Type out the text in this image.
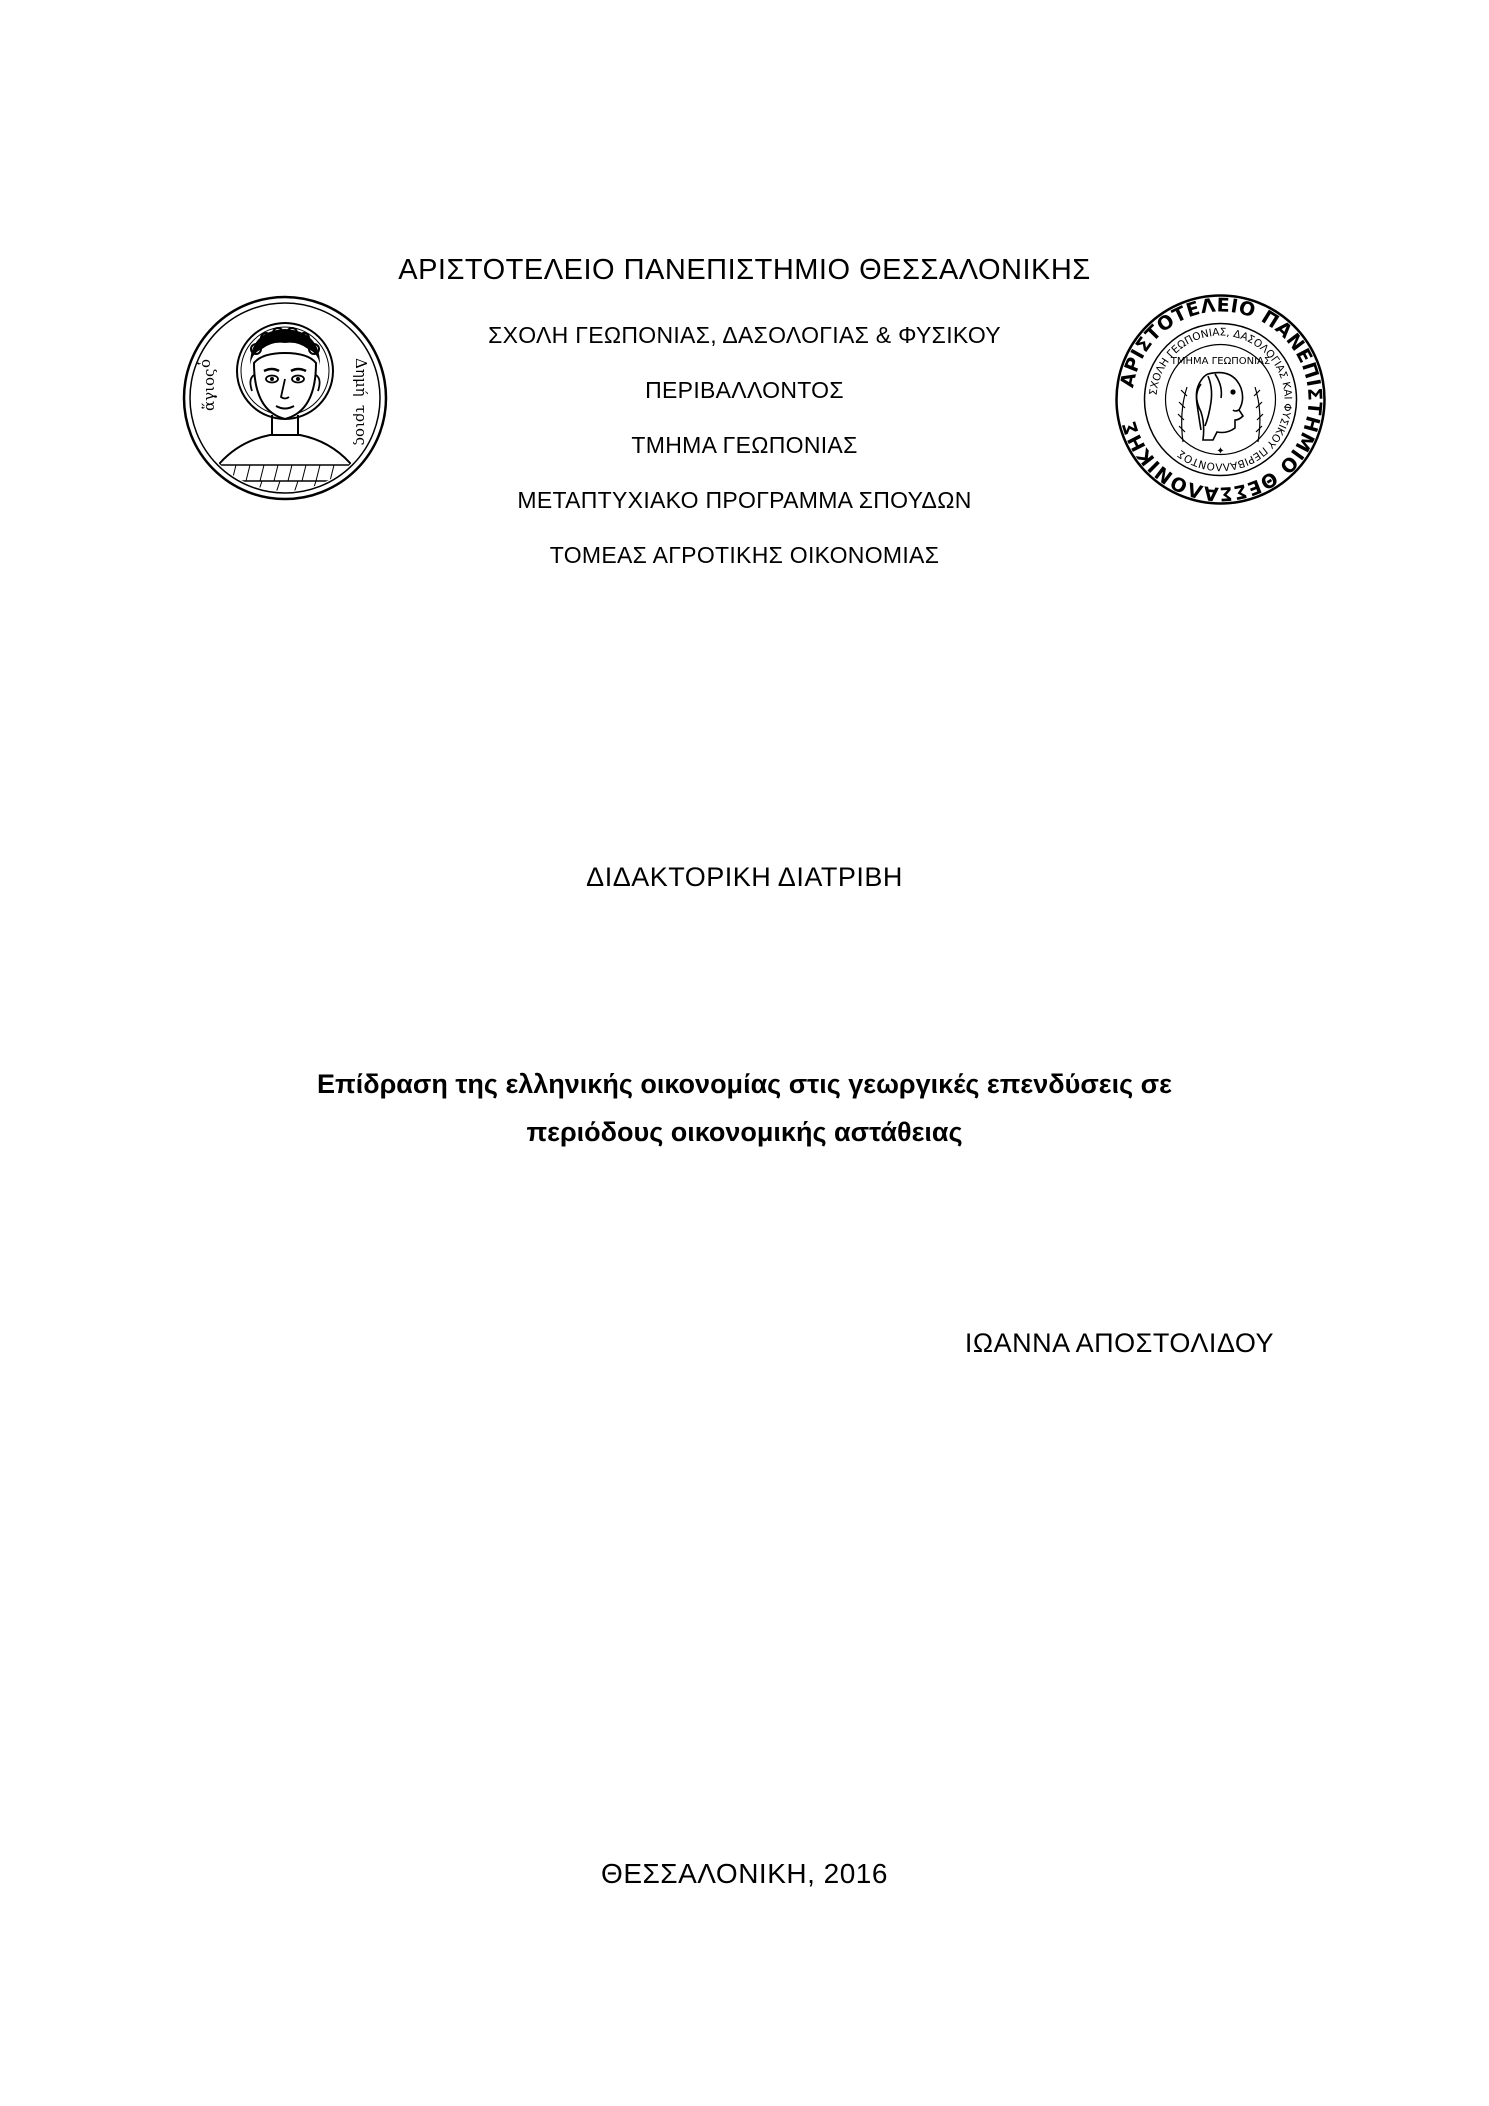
ὁ
ἅγιος	Δημή
τριος
ΑΡΙΣΤΟΤΕΛΕΙΟ ΠΑΝΕΠΙΣΤΗΜΙΟ ΘΕΣΣΑΛΟΝΙΚΗΣ
ΣΧΟΛΗ ΓΕΩΠΟΝΙΑΣ, ΔΑΣΟΛΟΓΙΑΣ ΚΑΙ ΦΥΣΙΚΟΥ ΠΕΡΙΒΑΛΛΟΝΤΟΣ
ΤΜΗΜΑ ΓΕΩΠΟΝΙΑΣ
✦
ΑΡΙΣΤΟΤΕΛΕΙΟ ΠΑΝΕΠΙΣΤΗΜΙΟ ΘΕΣΣΑΛΟΝΙΚΗΣ
ΣΧΟΛΗ ΓΕΩΠΟΝΙΑΣ, ΔΑΣΟΛΟΓΙΑΣ & ΦΥΣΙΚΟΥ
ΠΕΡΙΒΑΛΛΟΝΤΟΣ
ΤΜΗΜΑ ΓΕΩΠΟΝΙΑΣ
ΜΕΤΑΠΤΥΧΙΑΚΟ ΠΡΟΓΡΑΜΜΑ ΣΠΟΥΔΩΝ
ΤΟΜΕΑΣ ΑΓΡΟΤΙΚΗΣ ΟΙΚΟΝΟΜΙΑΣ
ΔΙΔΑΚΤΟΡΙΚΗ ΔΙΑΤΡΙΒΗ
Επίδραση της ελληνικής οικονομίας στις γεωργικές επενδύσεις σε
περιόδους οικονομικής αστάθειας
ΙΩΑΝΝΑ ΑΠΟΣΤΟΛΙΔΟΥ
ΘΕΣΣΑΛΟΝΙΚΗ, 2016
